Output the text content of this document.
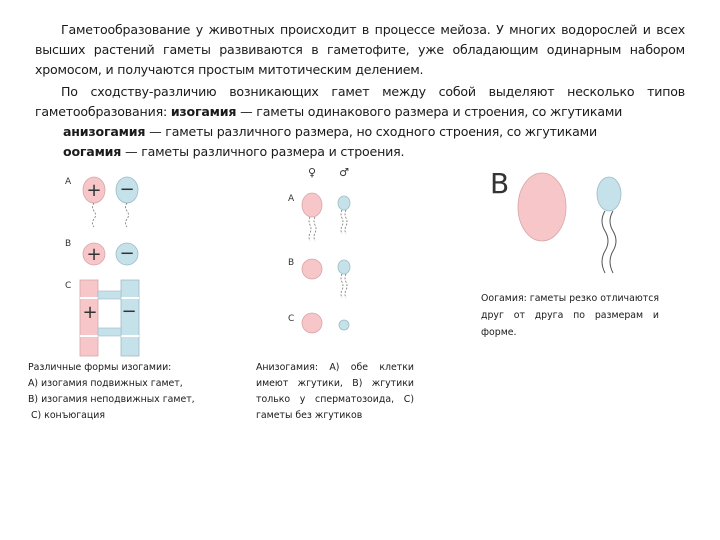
Гаметообразование у животных происходит в процессе мейоза. У многих водорослей и всех высших растений гаметы развиваются в гаметофите, уже обладающим одинарным набором хромосом, и получаются простым митотическим делением.

По сходству-различию возникающих гамет между собой выделяют несколько типов гаметообразования: изогамия — гаметы одинакового размера и строения, со жгутиками

анизогамия — гаметы различного размера, но сходного строения, со жгутиками
оогамия — гаметы различного размера и строения.
A
B
C
+ −
+ −
+ −
♀ ♂
A
B
C
В
Различные формы изогамии:
А) изогамия подвижных гамет,
В) изогамия неподвижных гамет,
С) конъюгация
Анизогамия: А) обе клетки имеют жгутики, В) жгутики только у сперматозоида, С) гаметы без жгутиков
Оогамия: гаметы резко отличаются друг от друга по размерам и форме.
